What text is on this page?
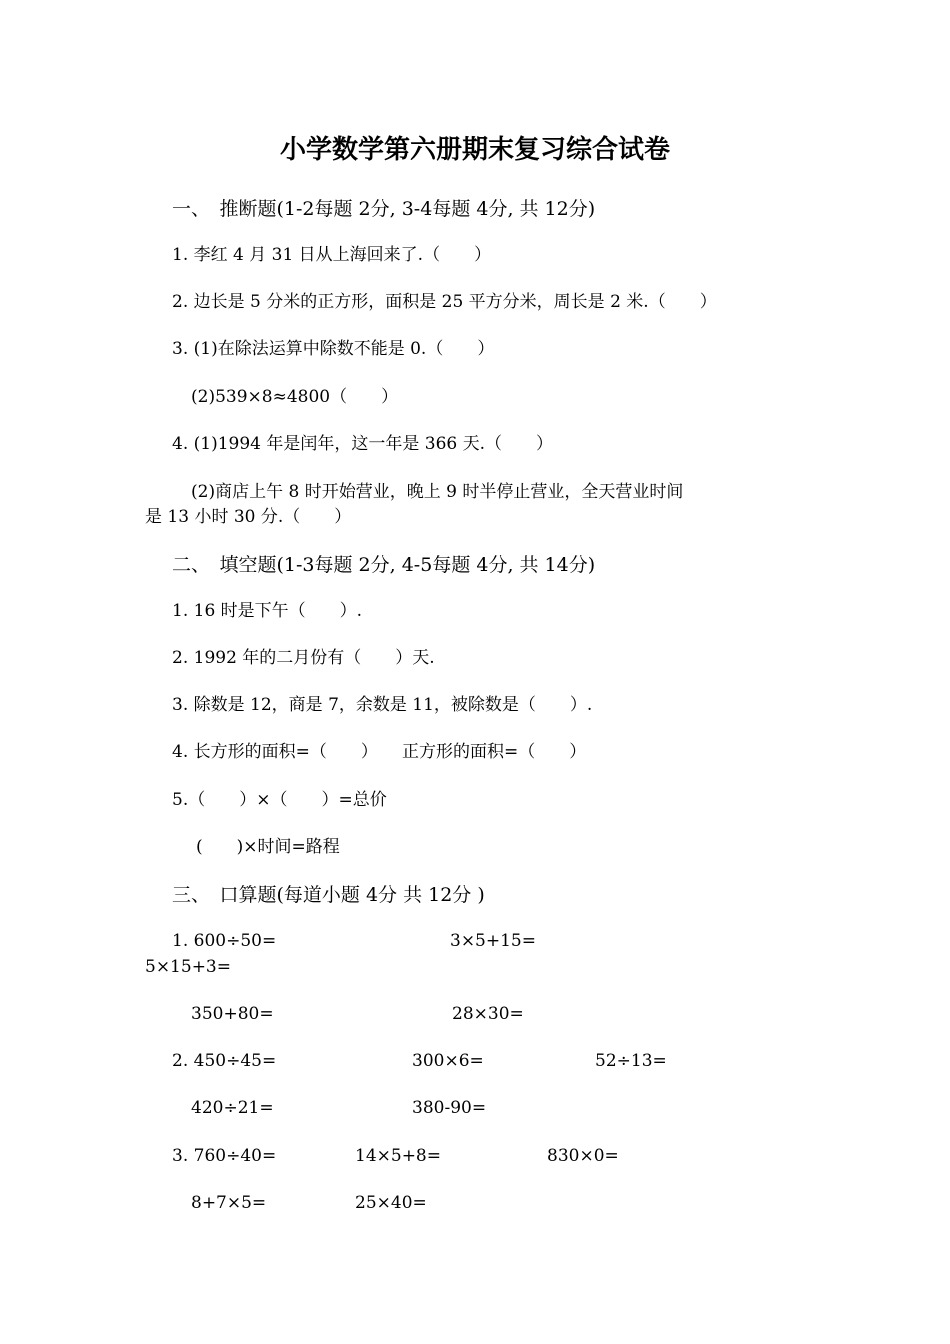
小学数学第六册期末复习综合试卷
一、　推断题(1-2每题 2分, 3-4每题 4分, 共 12分)
1. 李红 4 月 31 日从上海回来了.（　　）
2. 边长是 5 分米的正方形，面积是 25 平方分米，周长是 2 米.（　　）
3. (1)在除法运算中除数不能是 0.（　　）
(2)539×8≈4800（　　）
4. (1)1994 年是闰年，这一年是 366 天.（　　）
(2)商店上午 8 时开始营业，晚上 9 时半停止营业，全天营业时间
是 13 小时 30 分.（　　）
二、　填空题(1-3每题 2分, 4-5每题 4分, 共 14分)
1. 16 时是下午（　　）.
2. 1992 年的二月份有（　　）天.
3. 除数是 12，商是 7，余数是 11，被除数是（　　）.
4. 长方形的面积=（　　） 正方形的面积=（　　）
5.（　　）×（　　）=总价
(　　)×时间=路程
三、　口算题(每道小题 4分 共 12分 )
1. 600÷50=	3×5+15=
5×15+3=
350+80=	28×30=
2. 450÷45=	300×6=	52÷13=
420÷21=	380-90=
3. 760÷40=	14×5+8=	830×0=
8+7×5=	25×40=
